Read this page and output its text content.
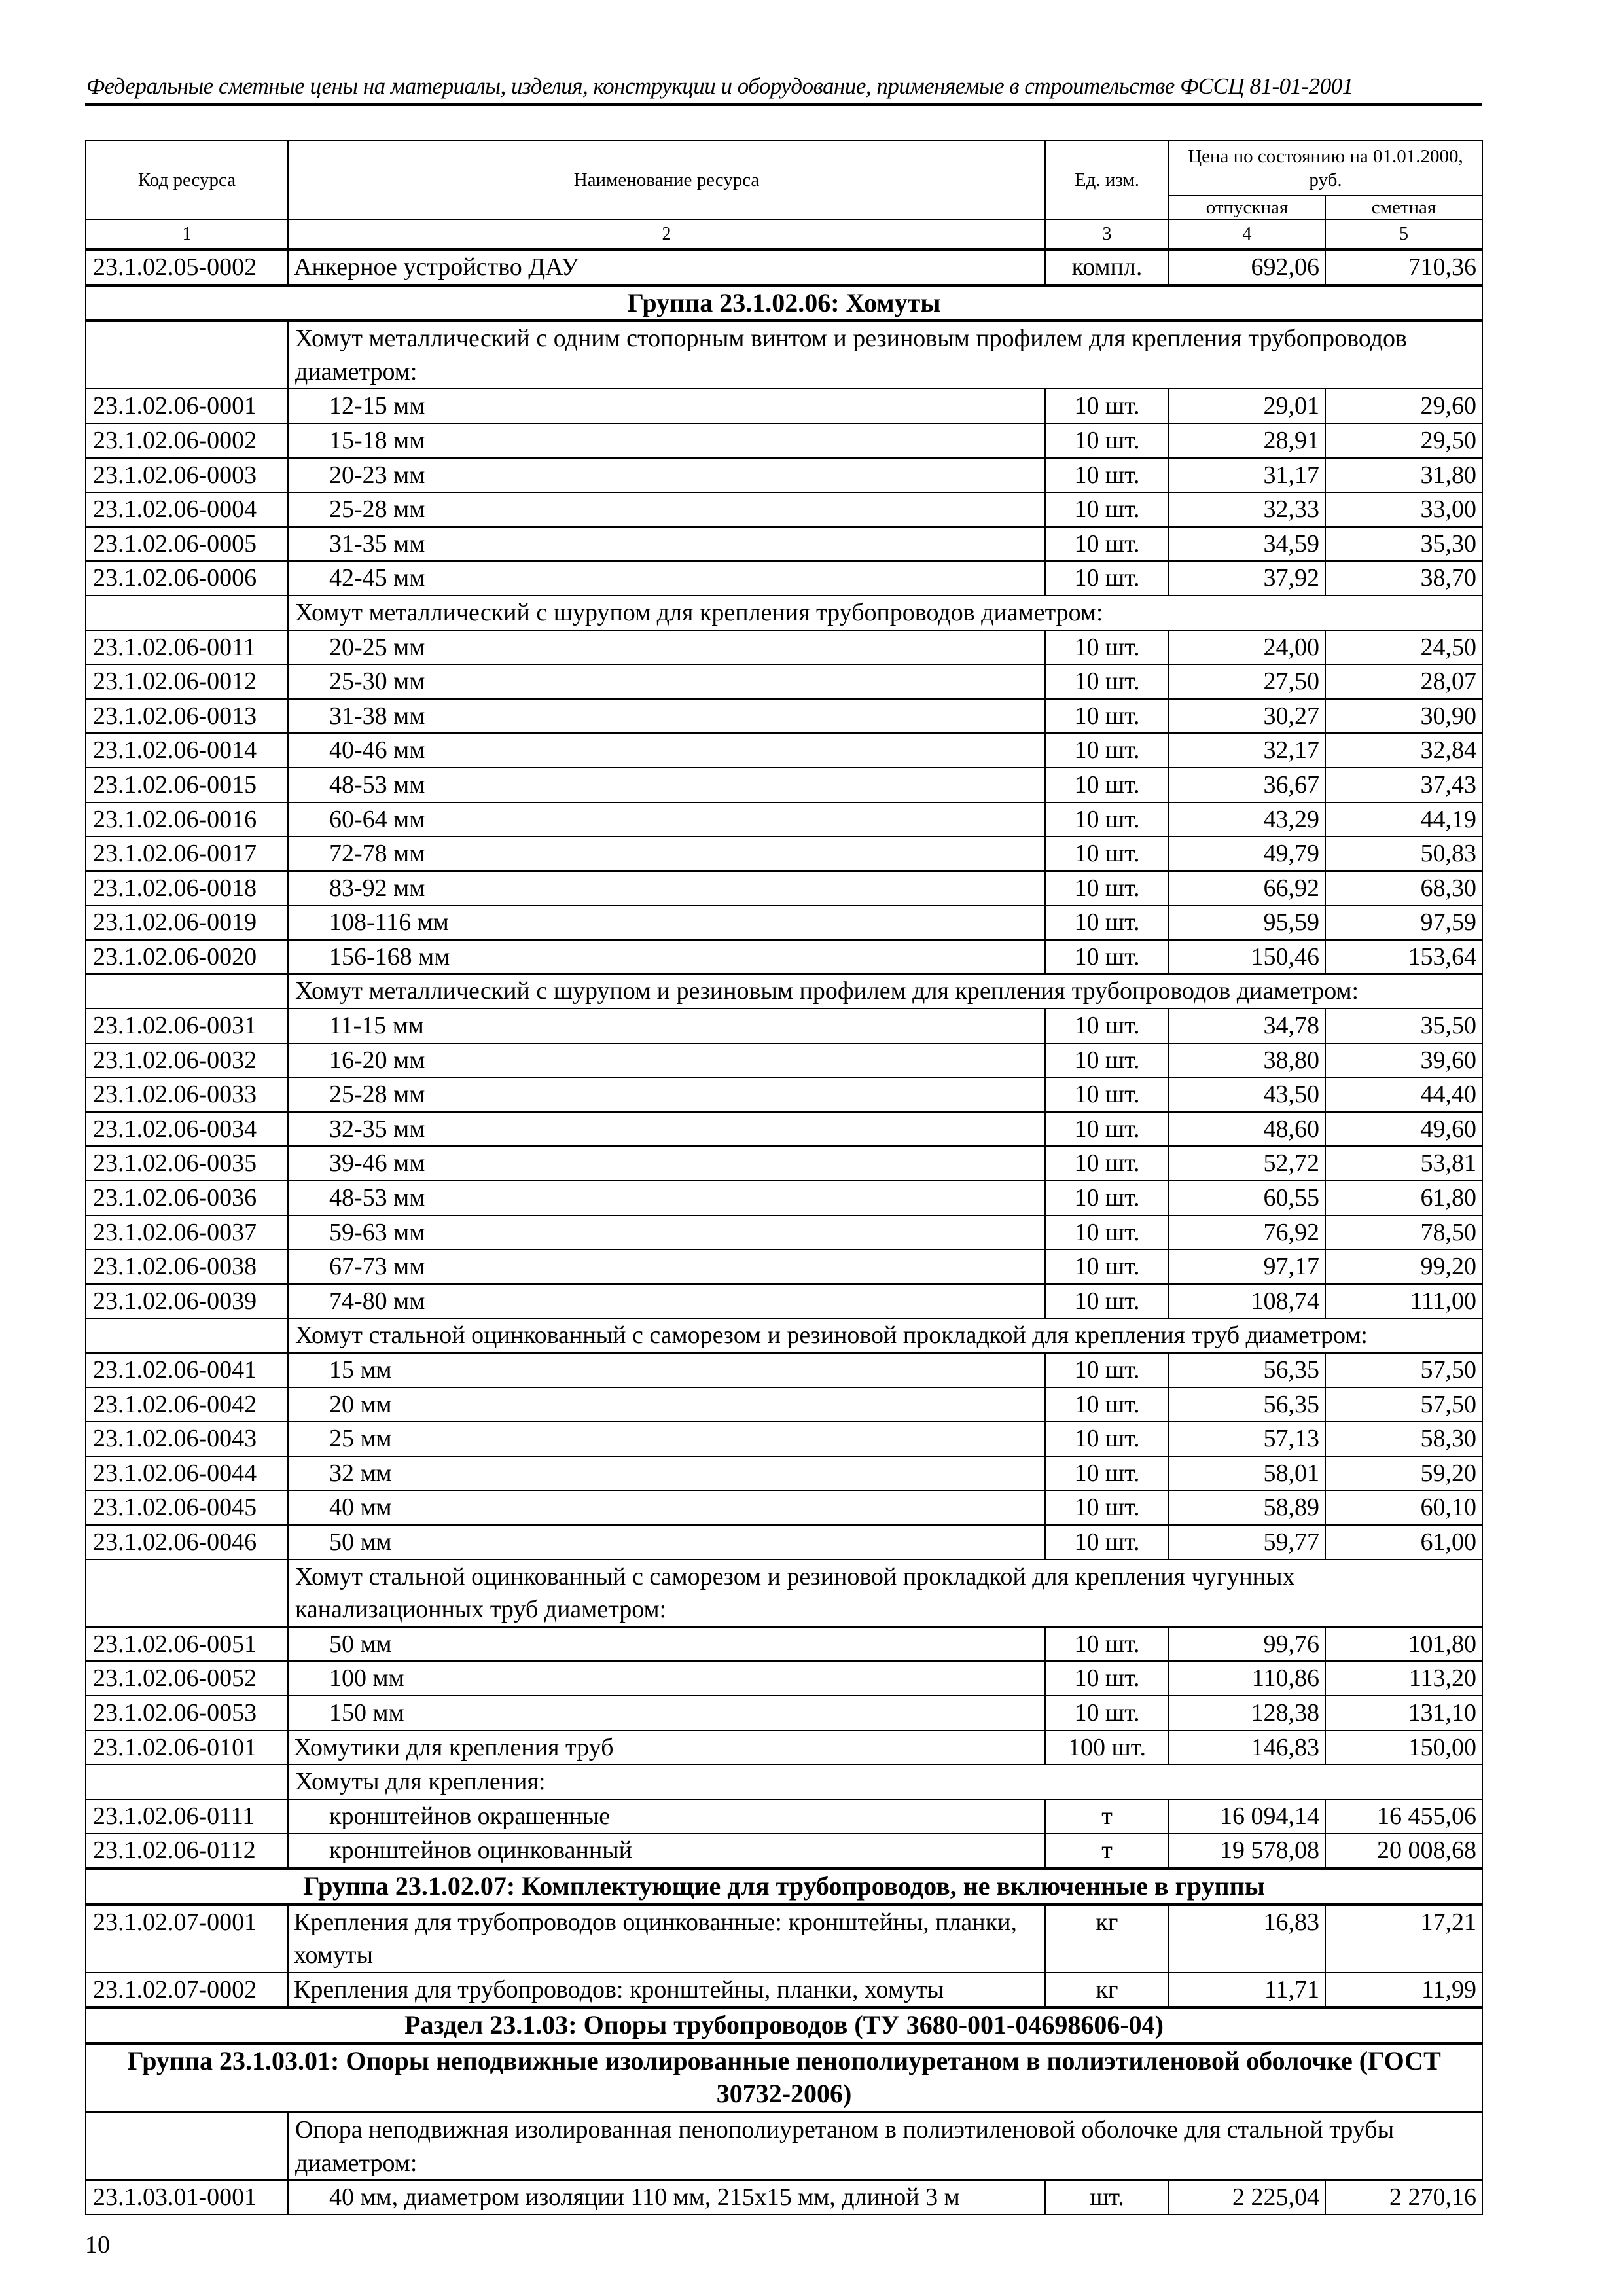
Федеральные сметные цены на материалы, изделия, конструкции и оборудование, применяемые в строительстве ФССЦ 81-01-2001
Код ресурса	Наименование ресурса	Ед. изм.	Цена по состоянию на 01.01.2000, руб.	
			отпускная	сметная
1	2	3	4	5
23.1.02.05-0002	Анкерное устройство ДАУ	компл.	692,06	710,36
Группа 23.1.02.06: Хомуты				
	Хомут металлический с одним стопорным винтом и резиновым профилем для крепления трубопроводов диаметром:			
23.1.02.06-0001	12-15 мм	10 шт.	29,01	29,60
23.1.02.06-0002	15-18 мм	10 шт.	28,91	29,50
23.1.02.06-0003	20-23 мм	10 шт.	31,17	31,80
23.1.02.06-0004	25-28 мм	10 шт.	32,33	33,00
23.1.02.06-0005	31-35 мм	10 шт.	34,59	35,30
23.1.02.06-0006	42-45 мм	10 шт.	37,92	38,70
	Хомут металлический с шурупом для крепления трубопроводов диаметром:			
23.1.02.06-0011	20-25 мм	10 шт.	24,00	24,50
23.1.02.06-0012	25-30 мм	10 шт.	27,50	28,07
23.1.02.06-0013	31-38 мм	10 шт.	30,27	30,90
23.1.02.06-0014	40-46 мм	10 шт.	32,17	32,84
23.1.02.06-0015	48-53 мм	10 шт.	36,67	37,43
23.1.02.06-0016	60-64 мм	10 шт.	43,29	44,19
23.1.02.06-0017	72-78 мм	10 шт.	49,79	50,83
23.1.02.06-0018	83-92 мм	10 шт.	66,92	68,30
23.1.02.06-0019	108-116 мм	10 шт.	95,59	97,59
23.1.02.06-0020	156-168 мм	10 шт.	150,46	153,64
	Хомут металлический с шурупом и резиновым профилем для крепления трубопроводов диаметром:			
23.1.02.06-0031	11-15 мм	10 шт.	34,78	35,50
23.1.02.06-0032	16-20 мм	10 шт.	38,80	39,60
23.1.02.06-0033	25-28 мм	10 шт.	43,50	44,40
23.1.02.06-0034	32-35 мм	10 шт.	48,60	49,60
23.1.02.06-0035	39-46 мм	10 шт.	52,72	53,81
23.1.02.06-0036	48-53 мм	10 шт.	60,55	61,80
23.1.02.06-0037	59-63 мм	10 шт.	76,92	78,50
23.1.02.06-0038	67-73 мм	10 шт.	97,17	99,20
23.1.02.06-0039	74-80 мм	10 шт.	108,74	111,00
	Хомут стальной оцинкованный с саморезом и резиновой прокладкой для крепления труб диаметром:			
23.1.02.06-0041	15 мм	10 шт.	56,35	57,50
23.1.02.06-0042	20 мм	10 шт.	56,35	57,50
23.1.02.06-0043	25 мм	10 шт.	57,13	58,30
23.1.02.06-0044	32 мм	10 шт.	58,01	59,20
23.1.02.06-0045	40 мм	10 шт.	58,89	60,10
23.1.02.06-0046	50 мм	10 шт.	59,77	61,00
	Хомут стальной оцинкованный с саморезом и резиновой прокладкой для крепления чугунных канализационных труб диаметром:			
23.1.02.06-0051	50 мм	10 шт.	99,76	101,80
23.1.02.06-0052	100 мм	10 шт.	110,86	113,20
23.1.02.06-0053	150 мм	10 шт.	128,38	131,10
23.1.02.06-0101	Хомутики для крепления труб	100 шт.	146,83	150,00
	Хомуты для крепления:			
23.1.02.06-0111	кронштейнов окрашенные	т	16 094,14	16 455,06
23.1.02.06-0112	кронштейнов оцинкованный	т	19 578,08	20 008,68
Группа 23.1.02.07: Комплектующие для трубопроводов, не включенные в группы				
23.1.02.07-0001	Крепления для трубопроводов оцинкованные: кронштейны, планки, хомуты	кг	16,83	17,21
23.1.02.07-0002	Крепления для трубопроводов: кронштейны, планки, хомуты	кг	11,71	11,99
Раздел 23.1.03: Опоры трубопроводов (ТУ 3680-001-04698606-04)				
Группа 23.1.03.01: Опоры неподвижные изолированные пенополиуретаном в полиэтиленовой оболочке (ГОСТ 30732-2006)				
	Опора неподвижная изолированная пенополиуретаном в полиэтиленовой оболочке для стальной трубы диаметром:			
23.1.03.01-0001	40 мм, диаметром изоляции 110 мм, 215х15 мм, длиной 3 м	шт.	2 225,04	2 270,16
10
